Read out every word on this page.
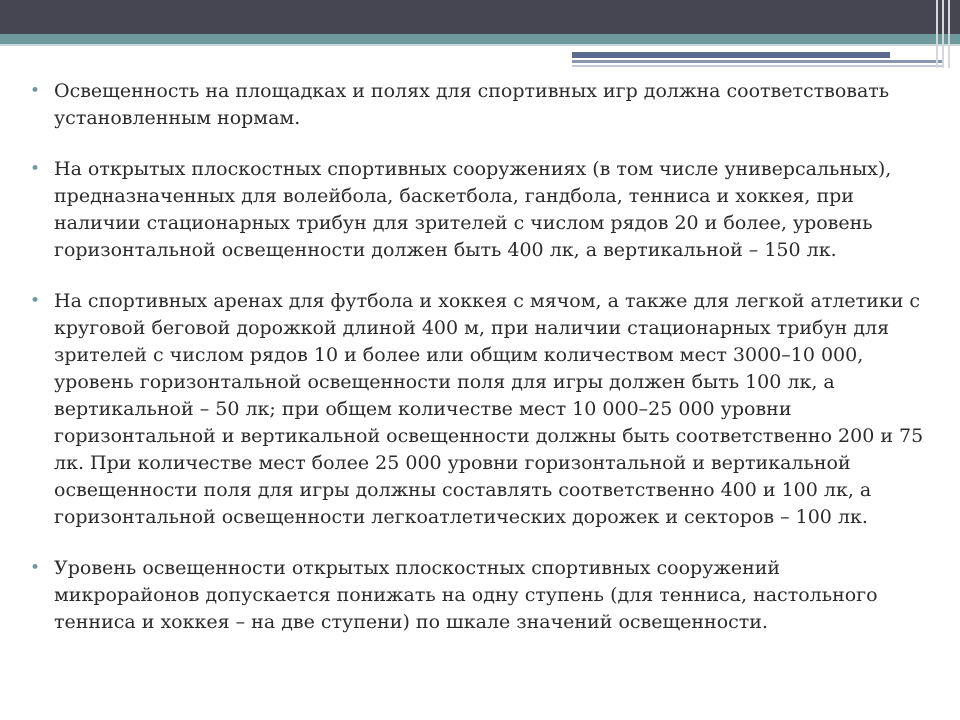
• Освещенность на площадках и полях для спортивных игр должна соответствовать установленным нормам.
• На открытых плоскостных спортивных сооружениях (в том числе универсальных), предназначенных для волейбола, баскетбола, гандбола, тенниса и хоккея, при наличии стационарных трибун для зрителей с числом рядов 20 и более, уровень горизонтальной освещенности должен быть 400 лк, а вертикальной – 150 лк.
• На спортивных аренах для футбола и хоккея с мячом, а также для легкой атлетики с круговой беговой дорожкой длиной 400 м, при наличии стационарных трибун для зрителей с числом рядов 10 и более или общим количеством мест 3000–10 000, уровень горизонтальной освещенности поля для игры должен быть 100 лк, а вертикальной – 50 лк; при общем количестве мест 10 000–25 000 уровни горизонтальной и вертикальной освещенности должны быть соответственно 200 и 75 лк. При количестве мест более 25 000 уровни горизонтальной и вертикальной освещенности поля для игры должны составлять соответственно 400 и 100 лк, а горизонтальной освещенности легкоатлетических дорожек и секторов – 100 лк.
• Уровень освещенности открытых плоскостных спортивных сооружений микрорайонов допускается понижать на одну ступень (для тенниса, настольного тенниса и хоккея – на две ступени) по шкале значений освещенности.
